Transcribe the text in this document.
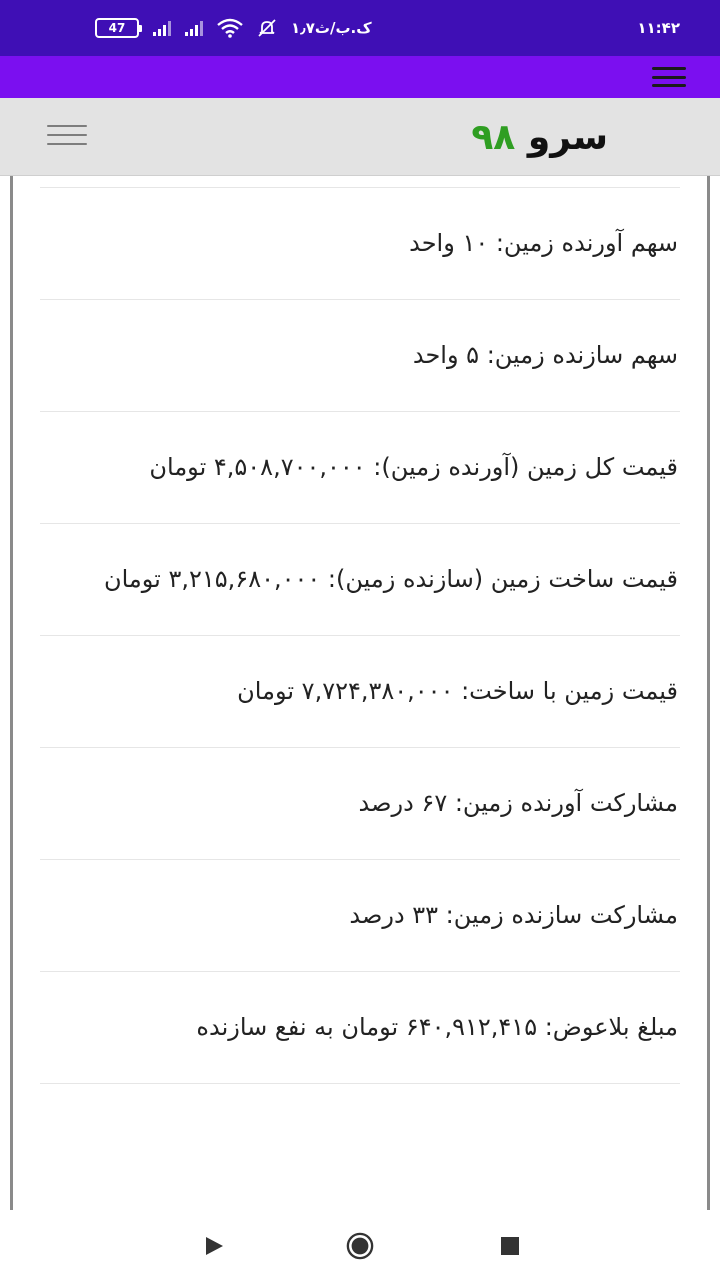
47	۱٫۷ک.ب/ث	۱۱:۴۲
سرو ۹۸
سهم آورنده زمین: ۱۰ واحد
سهم سازنده زمین: ۵ واحد
قیمت کل زمین (آورنده زمین): ۴,۵۰۸,۷۰۰,۰۰۰ تومان
قیمت ساخت زمین (سازنده زمین): ۳,۲۱۵,۶۸۰,۰۰۰ تومان
قیمت زمین با ساخت: ۷,۷۲۴,۳۸۰,۰۰۰ تومان
مشارکت آورنده زمین: ۶۷ درصد
مشارکت سازنده زمین: ۳۳ درصد
مبلغ بلاعوض: ۶۴۰,۹۱۲,۴۱۵ تومان به نفع سازنده
